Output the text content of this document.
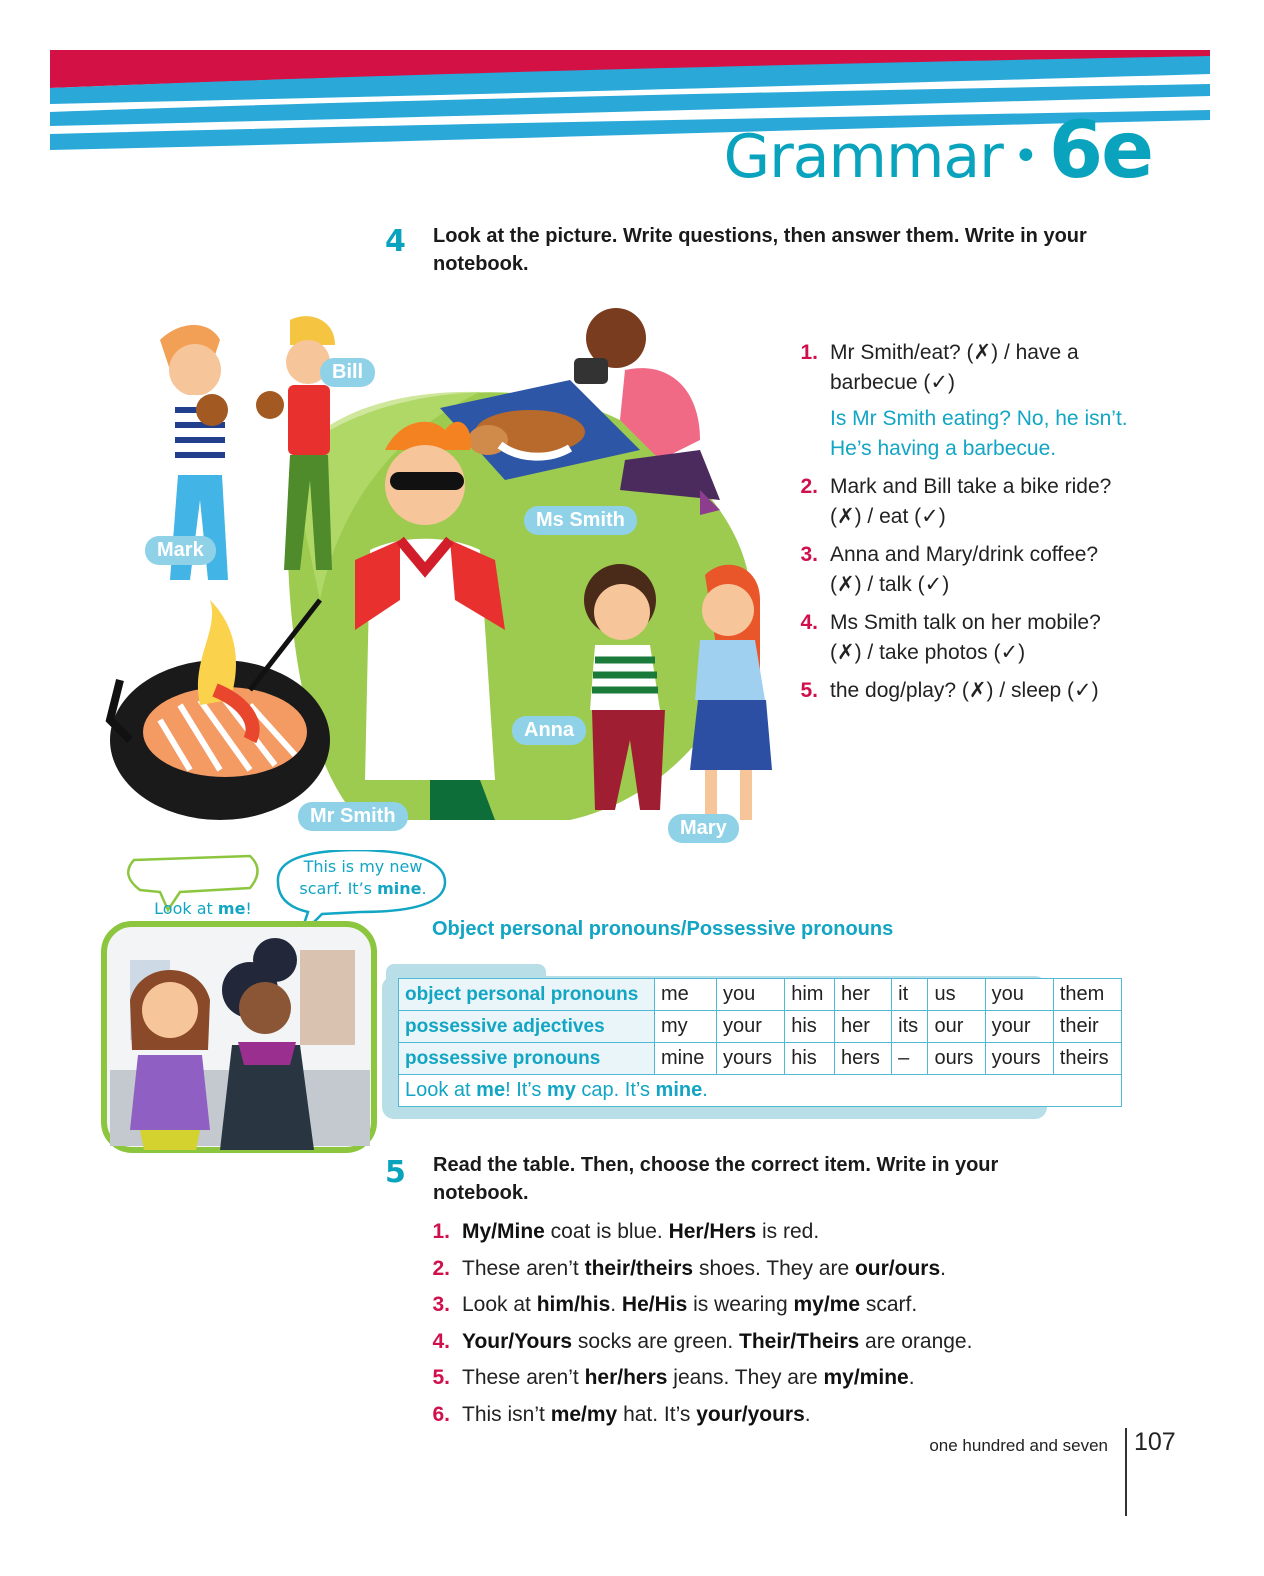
Grammar • 6e
4 Look at the picture. Write questions, then answer them. Write in your notebook.
Bill
Mark
Ms Smith
Anna
Mr Smith
Mary
1. Mr Smith/eat? (✗) / have a barbecue (✓)
Is Mr Smith eating? No, he isn’t. He’s having a barbecue.
2. Mark and Bill take a bike ride? (✗) / eat (✓)
3. Anna and Mary/drink coffee? (✗) / talk (✓)
4. Ms Smith talk on her mobile? (✗) / take photos (✓)
5. the dog/play? (✗) / sleep (✓)
Look at me!
This is my new
scarf. It’s mine.
Object personal pronouns/Possessive pronouns
object personal pronouns	me	you	him	her	it	us	you	them
possessive adjectives	my	your	his	her	its	our	your	their
possessive pronouns	mine	yours	his	hers	–	ours	yours	theirs
Look at me! It’s my cap. It’s mine.								
5 Read the table. Then, choose the correct item. Write in your notebook.
1. My/Mine coat is blue. Her/Hers is red.
2. These aren’t their/theirs shoes. They are our/ours.
3. Look at him/his. He/His is wearing my/me scarf.
4. Your/Yours socks are green. Their/Theirs are orange.
5. These aren’t her/hers jeans. They are my/mine.
6. This isn’t me/my hat. It’s your/yours.
one hundred and seven 107
